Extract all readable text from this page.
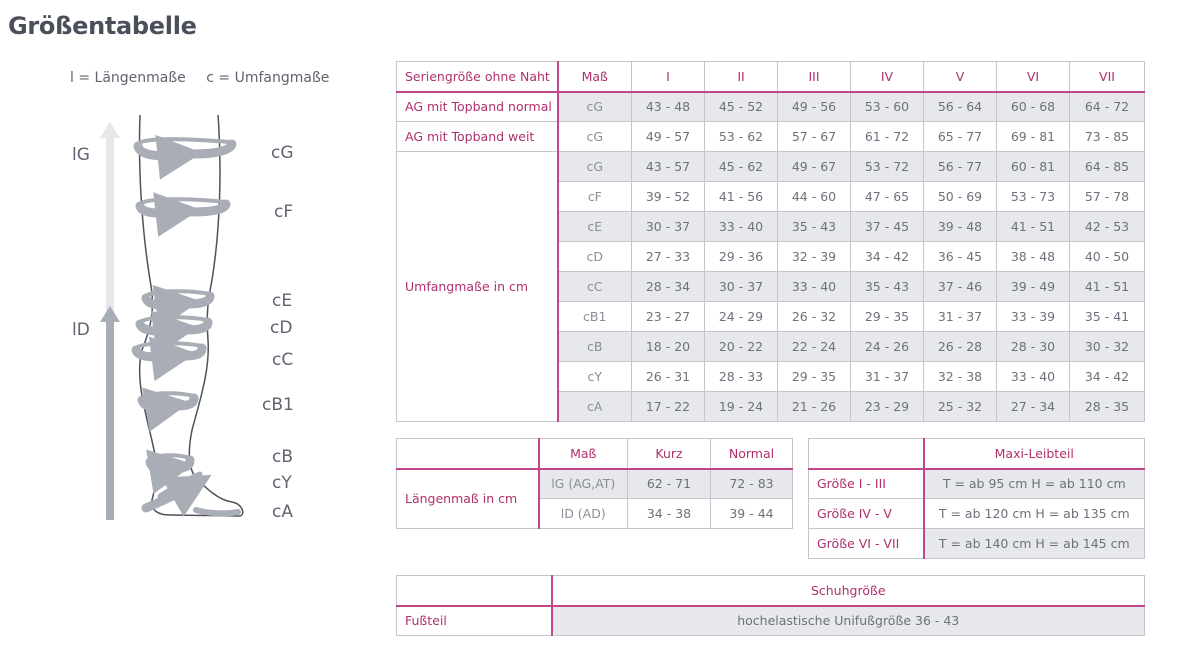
Größentabelle
l = Längenmaße c = Umfangmaße
lG
lD
cG
cF
cE
cD
cC
cB1
cB
cY
cA
Seriengröße ohne Naht	Maß	I	II	III	IV	V	VI	VII
AG mit Topband normal	cG	43 - 48	45 - 52	49 - 56	53 - 60	56 - 64	60 - 68	64 - 72
AG mit Topband weit	cG	49 - 57	53 - 62	57 - 67	61 - 72	65 - 77	69 - 81	73 - 85
Umfangmaße in cm	cG	43 - 57	45 - 62	49 - 67	53 - 72	56 - 77	60 - 81	64 - 85
	cF	39 - 52	41 - 56	44 - 60	47 - 65	50 - 69	53 - 73	57 - 78
	cE	30 - 37	33 - 40	35 - 43	37 - 45	39 - 48	41 - 51	42 - 53
	cD	27 - 33	29 - 36	32 - 39	34 - 42	36 - 45	38 - 48	40 - 50
	cC	28 - 34	30 - 37	33 - 40	35 - 43	37 - 46	39 - 49	41 - 51
	cB1	23 - 27	24 - 29	26 - 32	29 - 35	31 - 37	33 - 39	35 - 41
	cB	18 - 20	20 - 22	22 - 24	24 - 26	26 - 28	28 - 30	30 - 32
	cY	26 - 31	28 - 33	29 - 35	31 - 37	32 - 38	33 - 40	34 - 42
	cA	17 - 22	19 - 24	21 - 26	23 - 29	25 - 32	27 - 34	28 - 35
	Maß	Kurz	Normal
Längenmaß in cm	lG (AG,AT)	62 - 71	72 - 83
	lD (AD)	34 - 38	39 - 44
	Maxi-Leibteil
Größe I - III	T = ab 95 cm H = ab 110 cm
Größe IV - V	T = ab 120 cm H = ab 135 cm
Größe VI - VII	T = ab 140 cm H = ab 145 cm
	Schuhgröße
Fußteil	hochelastische Unifußgröße 36 - 43
